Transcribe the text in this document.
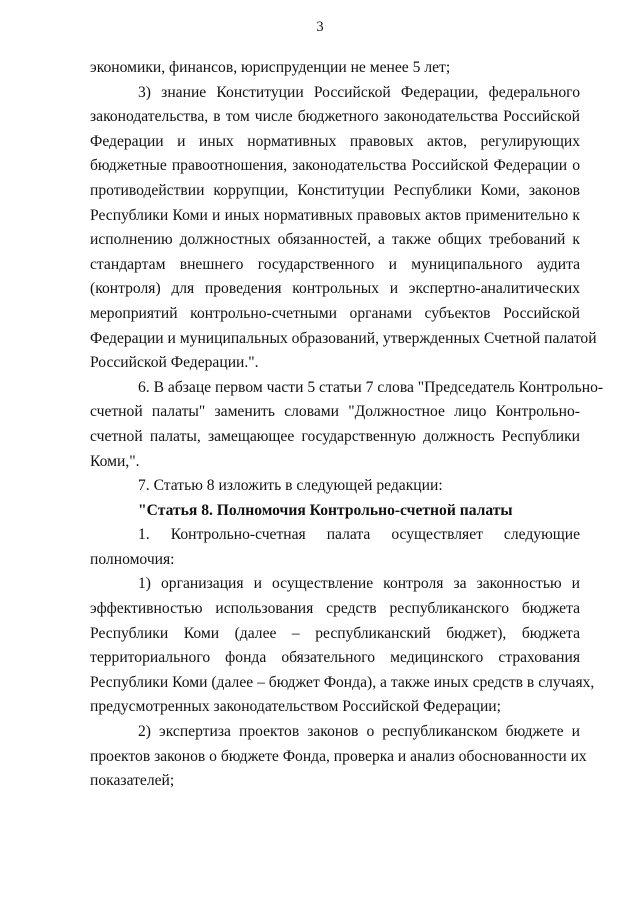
3
экономики, финансов, юриспруденции не менее 5 лет;
3) знание Конституции Российской Федерации, федерального
законодательства, в том числе бюджетного законодательства Российской
Федерации и иных нормативных правовых актов, регулирующих
бюджетные правоотношения, законодательства Российской Федерации о
противодействии коррупции, Конституции Республики Коми, законов
Республики Коми и иных нормативных правовых актов применительно к
исполнению должностных обязанностей, а также общих требований к
стандартам внешнего государственного и муниципального аудита
(контроля) для проведения контрольных и экспертно-аналитических
мероприятий контрольно-счетными органами субъектов Российской
Федерации и муниципальных образований, утвержденных Счетной палатой
Российской Федерации.".
6. В абзаце первом части 5 статьи 7 слова "Председатель Контрольно-
счетной палаты" заменить словами "Должностное лицо Контрольно-
счетной палаты, замещающее государственную должность Республики
Коми,".
7. Статью 8 изложить в следующей редакции:
"Статья 8. Полномочия Контрольно-счетной палаты
1. Контрольно-счетная палата осуществляет следующие
полномочия:
1) организация и осуществление контроля за законностью и
эффективностью использования средств республиканского бюджета
Республики Коми (далее – республиканский бюджет), бюджета
территориального фонда обязательного медицинского страхования
Республики Коми (далее – бюджет Фонда), а также иных средств в случаях,
предусмотренных законодательством Российской Федерации;
2) экспертиза проектов законов о республиканском бюджете и
проектов законов о бюджете Фонда, проверка и анализ обоснованности их
показателей;
